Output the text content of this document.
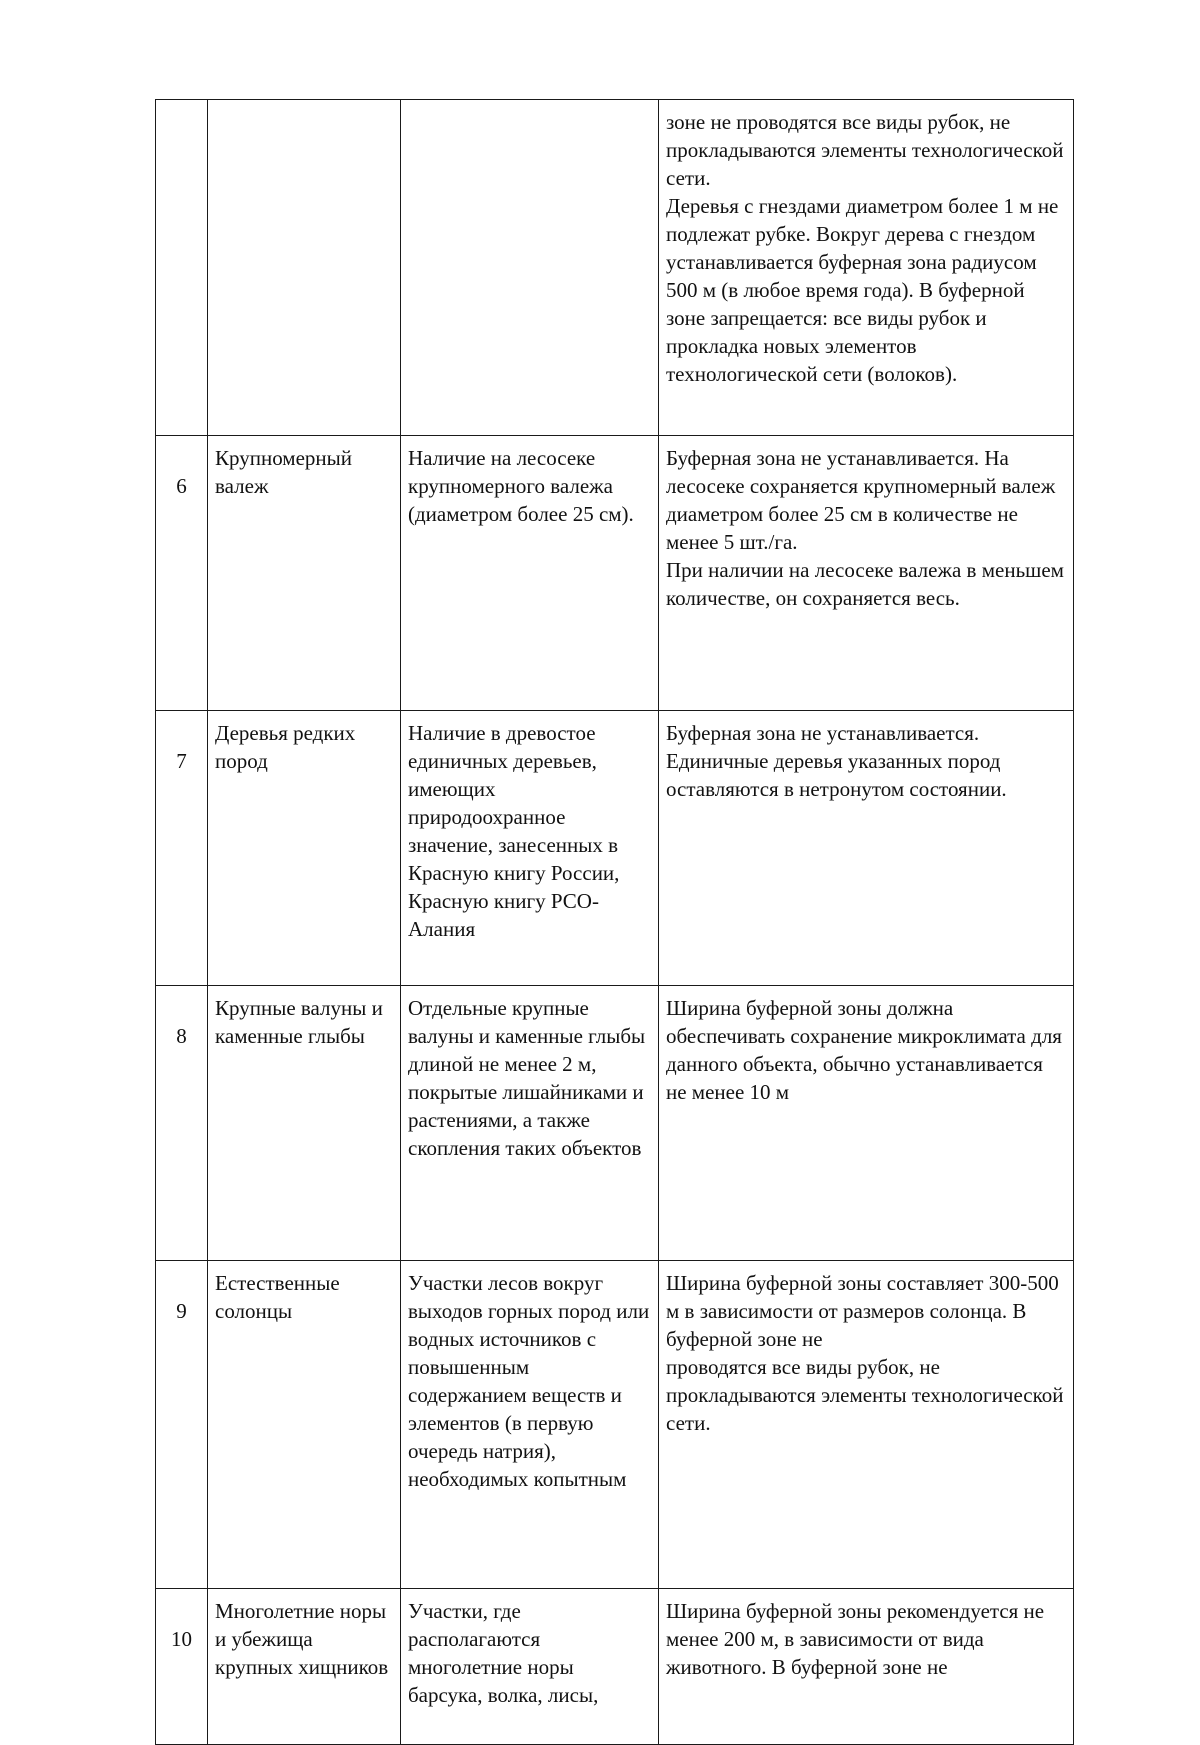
			зоне не проводятся все виды рубок, не прокладываются элементы технологической сети.
Деревья с гнездами диаметром более 1 м не подлежат рубке. Вокруг дерева с гнездом устанавливается буферная зона радиусом 500 м (в любое время года). В буферной зоне запрещается: все виды рубок и прокладка новых элементов технологической сети (волоков).
6	Крупномерный валеж	Наличие на лесосеке крупномерного валежа (диаметром более 25 см).	Буферная зона не устанавливается. На лесосеке сохраняется крупномерный валеж диаметром более 25 см в количестве не менее 5 шт./га.
При наличии на лесосеке валежа в меньшем количестве, он сохраняется весь.
7	Деревья редких пород	Наличие в древостое единичных деревьев, имеющих природоохранное значение, занесенных в Красную книгу России, Красную книгу РСО-Алания	Буферная зона не устанавливается. Единичные деревья указанных пород оставляются в нетронутом состоянии.
8	Крупные валуны и каменные глыбы	Отдельные крупные валуны и каменные глыбы длиной не менее 2 м, покрытые лишайниками и растениями, а также скопления таких объектов	Ширина буферной зоны должна обеспечивать сохранение микроклимата для данного объекта, обычно устанавливается не менее 10 м
9	Естественные солонцы	Участки лесов вокруг выходов горных пород или водных источников с повышенным содержанием веществ и элементов (в первую очередь натрия), необходимых копытным	Ширина буферной зоны составляет 300-500 м в зависимости от размеров солонца. В буферной зоне не
проводятся все виды рубок, не прокладываются элементы технологической сети.
10	Многолетние норы и убежища крупных хищников	Участки, где располагаются многолетние норы барсука, волка, лисы,	Ширина буферной зоны рекомендуется не менее 200 м, в зависимости от вида животного. В буферной зоне не
